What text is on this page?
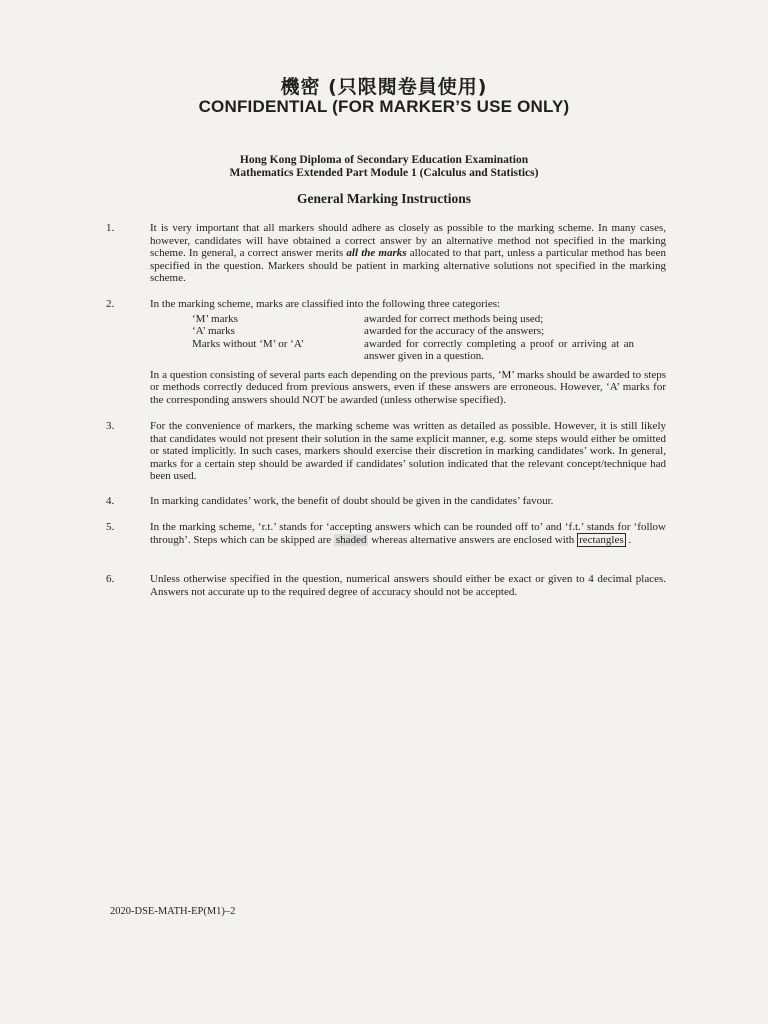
機密 (只限閱卷員使用)
CONFIDENTIAL (FOR MARKER’S USE ONLY)
Hong Kong Diploma of Secondary Education Examination
Mathematics Extended Part Module 1 (Calculus and Statistics)
General Marking Instructions
1.	It is very important that all markers should adhere as closely as possible to the marking scheme. In many cases, however, candidates will have obtained a correct answer by an alternative method not specified in the marking scheme. In general, a correct answer merits all the marks allocated to that part, unless a particular method has been specified in the question. Markers should be patient in marking alternative solutions not specified in the marking scheme.

2.	In the marking scheme, marks are classified into the following three categories:

‘M’ marks	awarded for correct methods being used;
‘A’ marks	awarded for the accuracy of the answers;
Marks without ‘M’ or ‘A’	awarded for correctly completing a proof or arriving at an answer given in a question.

In a question consisting of several parts each depending on the previous parts, ‘M’ marks should be awarded to steps or methods correctly deduced from previous answers, even if these answers are erroneous. However, ‘A’ marks for the corresponding answers should NOT be awarded (unless otherwise specified).

3.	For the convenience of markers, the marking scheme was written as detailed as possible. However, it is still likely that candidates would not present their solution in the same explicit manner, e.g. some steps would either be omitted or stated implicitly. In such cases, markers should exercise their discretion in marking candidates’ work. In general, marks for a certain step should be awarded if candidates’ solution indicated that the relevant concept/technique had been used.

4.	In marking candidates’ work, the benefit of doubt should be given in the candidates’ favour.

5.	In the marking scheme, ‘r.t.’ stands for ‘accepting answers which can be rounded off to’ and ‘f.t.’ stands for ‘follow through’. Steps which can be skipped are shaded whereas alternative answers are enclosed with rectangles .

6.	Unless otherwise specified in the question, numerical answers should either be exact or given to 4 decimal places. Answers not accurate up to the required degree of accuracy should not be accepted.

2020-DSE-MATH-EP(M1)–2
